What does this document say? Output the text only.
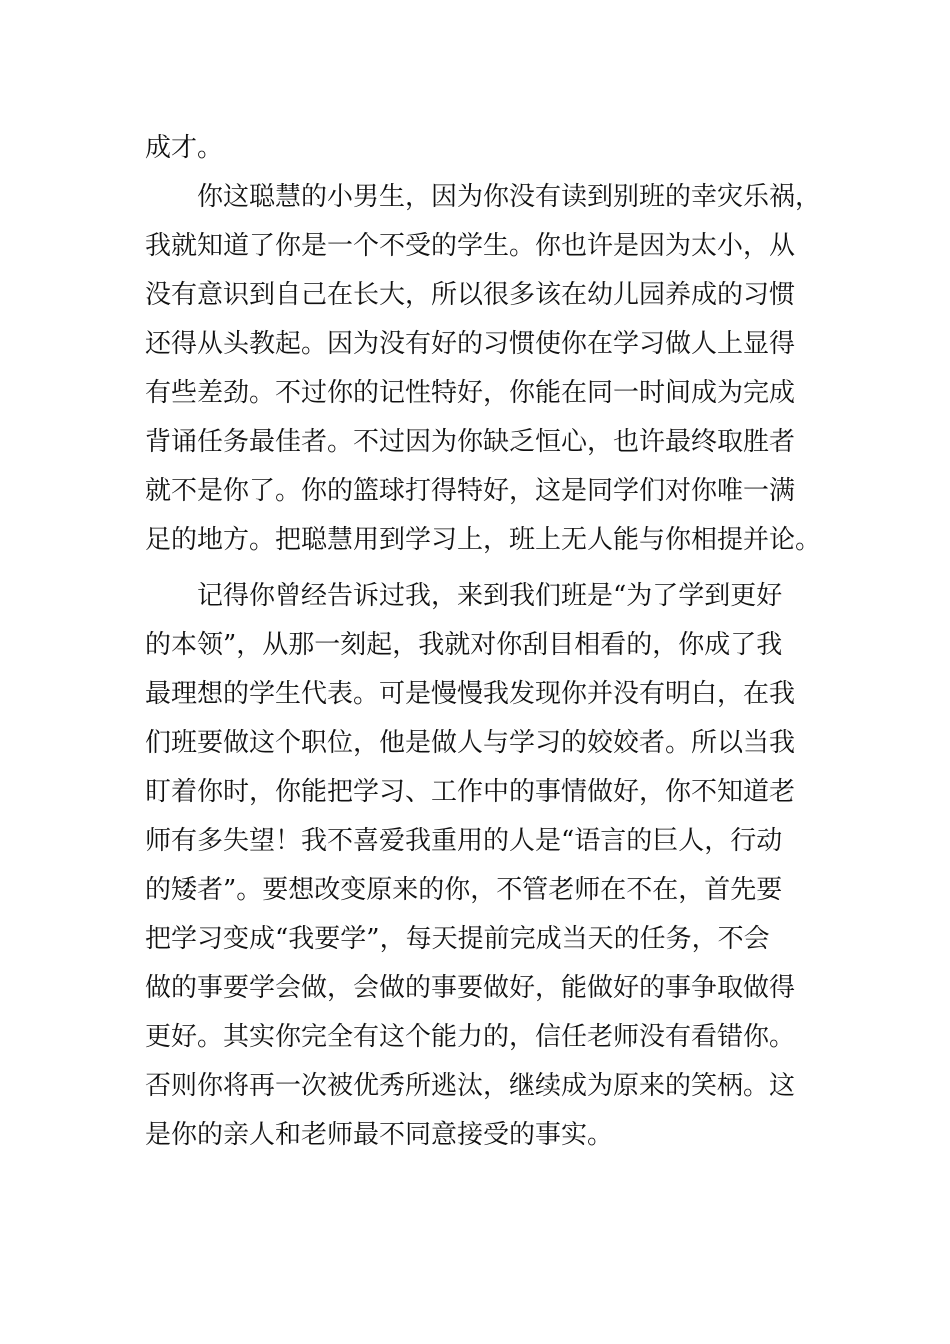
成才。
你这聪慧的小男生，因为你没有读到别班的幸灾乐祸，
我就知道了你是一个不受的学生。你也许是因为太小，从
没有意识到自己在长大，所以很多该在幼儿园养成的习惯
还得从头教起。因为没有好的习惯使你在学习做人上显得
有些差劲。不过你的记性特好，你能在同一时间成为完成
背诵任务最佳者。不过因为你缺乏恒心，也许最终取胜者
就不是你了。你的篮球打得特好，这是同学们对你唯一满
足的地方。把聪慧用到学习上，班上无人能与你相提并论。
记得你曾经告诉过我，来到我们班是“为了学到更好
的本领”，从那一刻起，我就对你刮目相看的，你成了我
最理想的学生代表。可是慢慢我发现你并没有明白，在我
们班要做这个职位，他是做人与学习的姣姣者。所以当我
盯着你时，你能把学习、工作中的事情做好，你不知道老
师有多失望！我不喜爱我重用的人是“语言的巨人，行动
的矮者”。要想改变原来的你，不管老师在不在，首先要
把学习变成“我要学”，每天提前完成当天的任务，不会
做的事要学会做，会做的事要做好，能做好的事争取做得
更好。其实你完全有这个能力的，信任老师没有看错你。
否则你将再一次被优秀所逃汰，继续成为原来的笑柄。这
是你的亲人和老师最不同意接受的事实。
